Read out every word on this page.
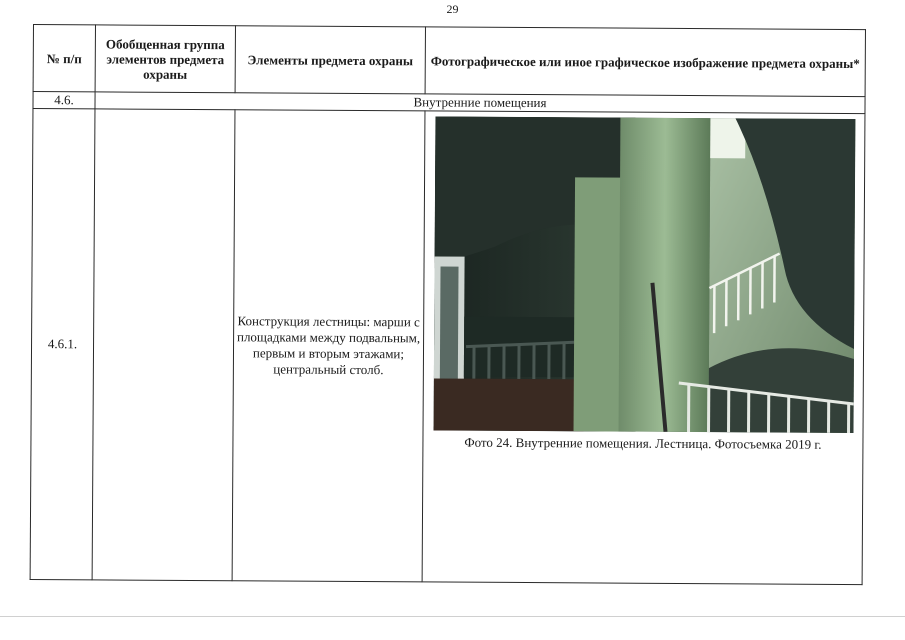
29
№ п/п	Обобщенная группа элементов предмета охраны	Элементы предмета охраны	Фотографическое или иное графическое изображение предмета охраны*
4.6.	Внутренние помещения		
4.6.1.		Конструкция лестницы: марши с площадками между подвальным, первым и вторым этажами; центральный столб.	Фото 24. Внутренние помещения. Лестница. Фотосъемка 2019 г.
